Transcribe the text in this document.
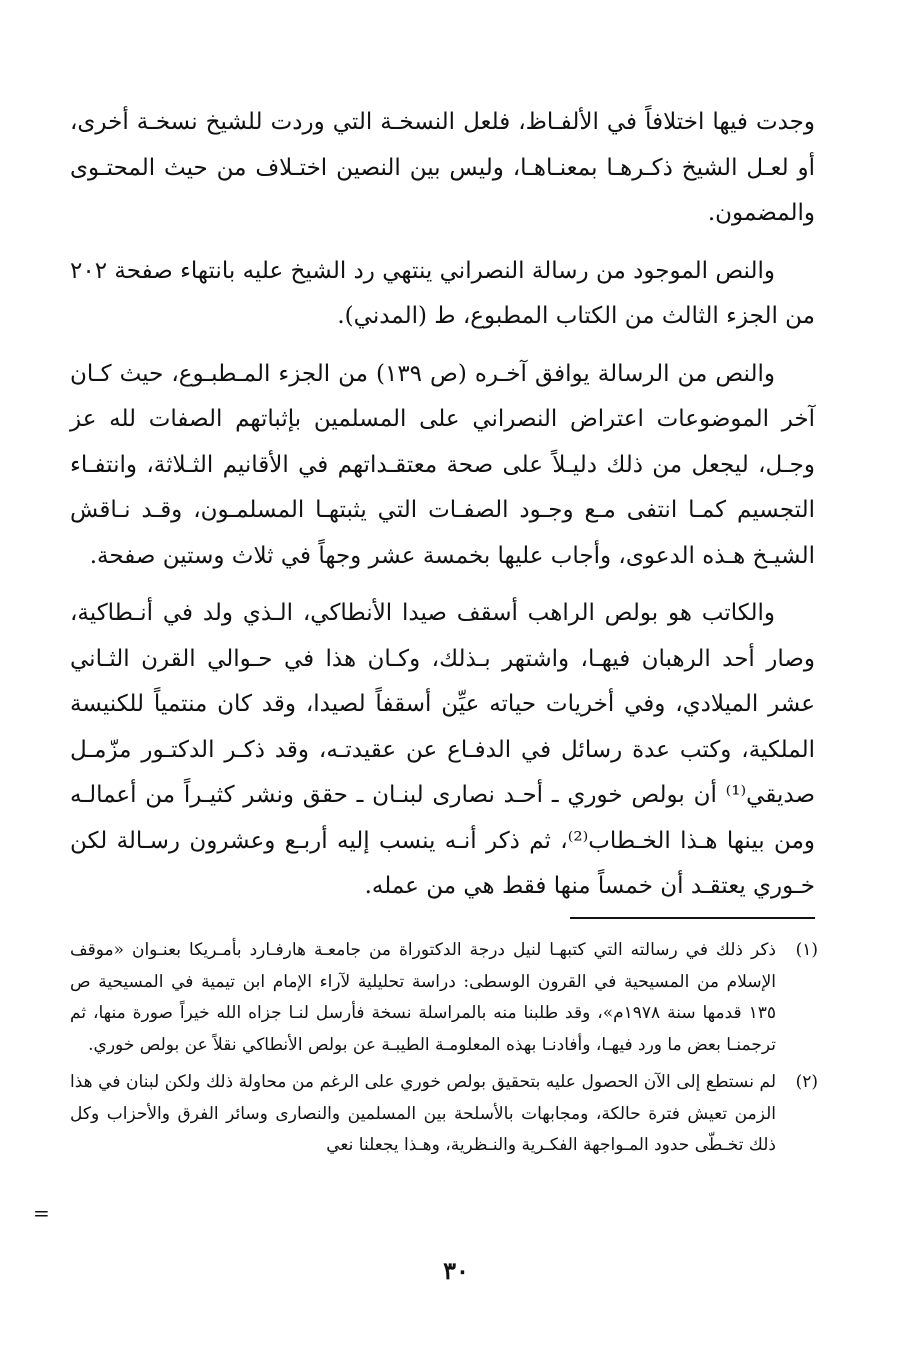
وجدت فيها اختلافاً في الألفـاظ، فلعل النسخـة التي وردت للشيخ نسخـة أخرى، أو لعـل الشيخ ذكـرهـا بمعنـاهـا، وليس بين النصين اختـلاف من حيث المحتـوى والمضمون.

والنص الموجود من رسالة النصراني ينتهي رد الشيخ عليه بانتهاء صفحة ٢٠٢ من الجزء الثالث من الكتاب المطبوع، ط (المدني).

والنص من الرسالة يوافق آخـره (ص ١٣٩) من الجزء المـطبـوع، حيث كـان آخر الموضوعات اعتراض النصراني على المسلمين بإثباتهم الصفات لله عز وجـل، ليجعل من ذلك دليـلاً على صحة معتقـداتهم في الأقانيم الثـلاثة، وانتفـاء التجسيم كمـا انتفى مـع وجـود الصفـات التي يثبتهـا المسلمـون، وقـد نـاقش الشيـخ هـذه الدعوى، وأجاب عليها بخمسة عشر وجهاً في ثلاث وستين صفحة.

والكاتب هو بولص الراهب أسقف صيدا الأنطاكي، الـذي ولد في أنـطاكية، وصار أحد الرهبان فيهـا، واشتهر بـذلك، وكـان هذا في حـوالي القرن الثـاني عشر الميلادي، وفي أخريات حياته عيِّن أسقفاً لصيدا، وقد كان منتمياً للكنيسة الملكية، وكتب عدة رسائل في الدفـاع عن عقيدتـه، وقد ذكـر الدكتـور مزّمـل صديقي⁽¹⁾ أن بولص خوري ـ أحـد نصارى لبنـان ـ حقق ونشر كثيـراً من أعمالـه ومن بينها هـذا الخـطاب⁽²⁾، ثم ذكر أنـه ينسب إليه أربـع وعشرون رسـالة لكن خـوري يعتقـد أن خمساً منها فقط هي من عمله.

(١)
ذكر ذلك في رسالته التي كتبهـا لنيل درجة الدكتوراة من جامعـة هارفـارد بأمـريكا بعنـوان «موقف الإسلام من المسيحية في القرون الوسطى: دراسة تحليلية لآراء الإمام ابن تيمية في المسيحية ص ١٣٥ قدمها سنة ١٩٧٨م»، وقد طلبنا منه بالمراسلة نسخة فأرسل لنـا جزاه الله خيراً صورة منها، ثم ترجمنـا بعض ما ورد فيهـا، وأفادنـا بهذه المعلومـة الطيبـة عن بولص الأنطاكي نقلاً عن بولص خوري.
(٢)
لم نستطع إلى الآن الحصول عليه بتحقيق بولص خوري على الرغم من محاولة ذلك ولكن لبنان في هذا الزمن تعيش فترة حالكة، ومجابهات بالأسلحة بين المسلمين والنصارى وسائر الفرق والأحزاب وكل ذلك تخـطّى حدود المـواجهة الفكـرية والنـظرية، وهـذا يجعلنا نعي
=
٣٠
